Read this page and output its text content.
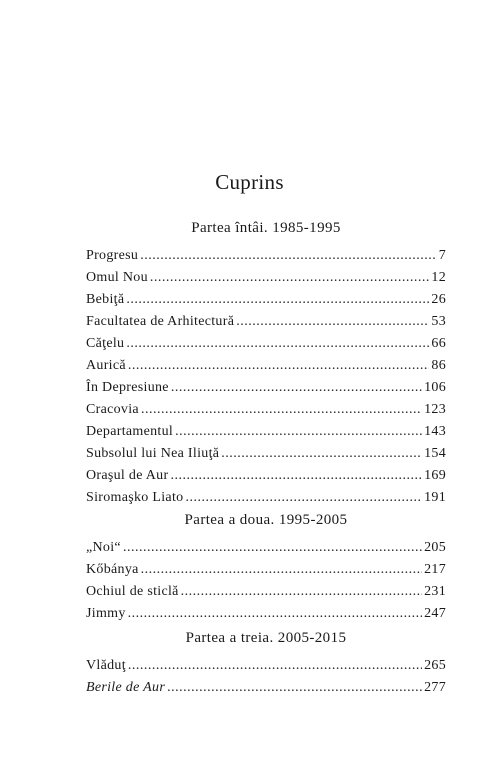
Cuprins
Partea întâi. 1985-1995
Progresu .....	7
Omul Nou .....	12
Bebiţă .....	26
Facultatea de Arhitectură .....	53
Căţelu .....	66
Aurică .....	86
În Depresiune .....	106
Cracovia .....	123
Departamentul .....	143
Subsolul lui Nea Iliuţă .....	154
Oraşul de Aur .....	169
Siromaşko Liato .....	191
Partea a doua. 1995-2005
„Noi“ .....	205
Kőbánya .....	217
Ochiul de sticlă .....	231
Jimmy .....	247
Partea a treia. 2005-2015
Vlăduţ .....	265
Berile de Aur .....	277
